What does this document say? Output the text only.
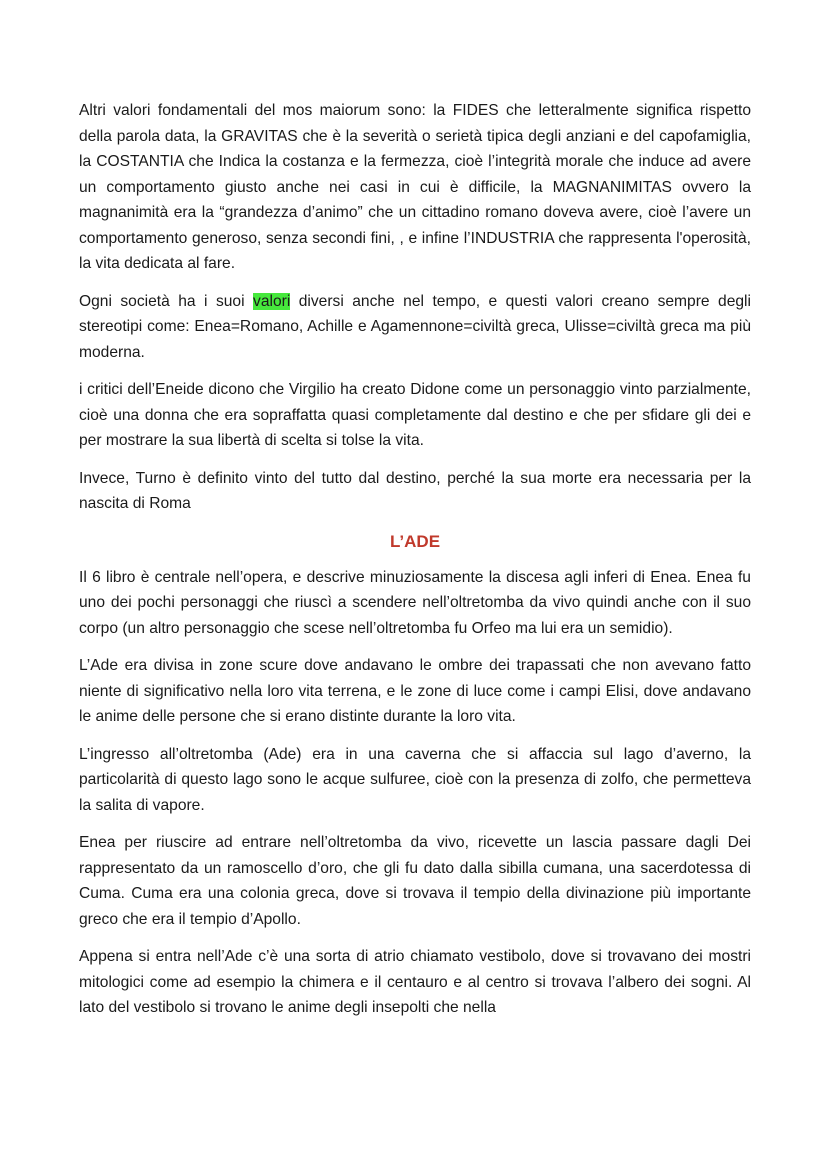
Altri valori fondamentali del mos maiorum sono: la FIDES che letteralmente significa rispetto della parola data, la GRAVITAS che è la severità o serietà tipica degli anziani e del capofamiglia, la COSTANTIA che Indica la costanza e la fermezza, cioè l’integrità morale che induce ad avere un comportamento giusto anche nei casi in cui è difficile, la MAGNANIMITAS ovvero la magnanimità era la “grandezza d’animo” che un cittadino romano doveva avere, cioè l’avere un comportamento generoso, senza secondi fini, , e infine l’INDUSTRIA che rappresenta l'operosità, la vita dedicata al fare.

Ogni società ha i suoi valori diversi anche nel tempo, e questi valori creano sempre degli stereotipi come: Enea=Romano, Achille e Agamennone=civiltà greca, Ulisse=civiltà greca ma più moderna.

i critici dell’Eneide dicono che Virgilio ha creato Didone come un personaggio vinto parzialmente, cioè una donna che era sopraffatta quasi completamente dal destino e che per sfidare gli dei e per mostrare la sua libertà di scelta si tolse la vita.

Invece, Turno è definito vinto del tutto dal destino, perché la sua morte era necessaria per la nascita di Roma

L’ADE

Il 6 libro è centrale nell’opera, e descrive minuziosamente la discesa agli inferi di Enea. Enea fu uno dei pochi personaggi che riuscì a scendere nell’oltretomba da vivo quindi anche con il suo corpo (un altro personaggio che scese nell’oltretomba fu Orfeo ma lui era un semidio).

L’Ade era divisa in zone scure dove andavano le ombre dei trapassati che non avevano fatto niente di significativo nella loro vita terrena, e le zone di luce come i campi Elisi, dove andavano le anime delle persone che si erano distinte durante la loro vita.

L’ingresso all’oltretomba (Ade) era in una caverna che si affaccia sul lago d’averno, la particolarità di questo lago sono le acque sulfuree, cioè con la presenza di zolfo, che permetteva la salita di vapore.

Enea per riuscire ad entrare nell’oltretomba da vivo, ricevette un lascia passare dagli Dei rappresentato da un ramoscello d’oro, che gli fu dato dalla sibilla cumana, una sacerdotessa di Cuma. Cuma era una colonia greca, dove si trovava il tempio della divinazione più importante greco che era il tempio d’Apollo.

Appena si entra nell’Ade c’è una sorta di atrio chiamato vestibolo, dove si trovavano dei mostri mitologici come ad esempio la chimera e il centauro e al centro si trovava l’albero dei sogni. Al lato del vestibolo si trovano le anime degli insepolti che nella
